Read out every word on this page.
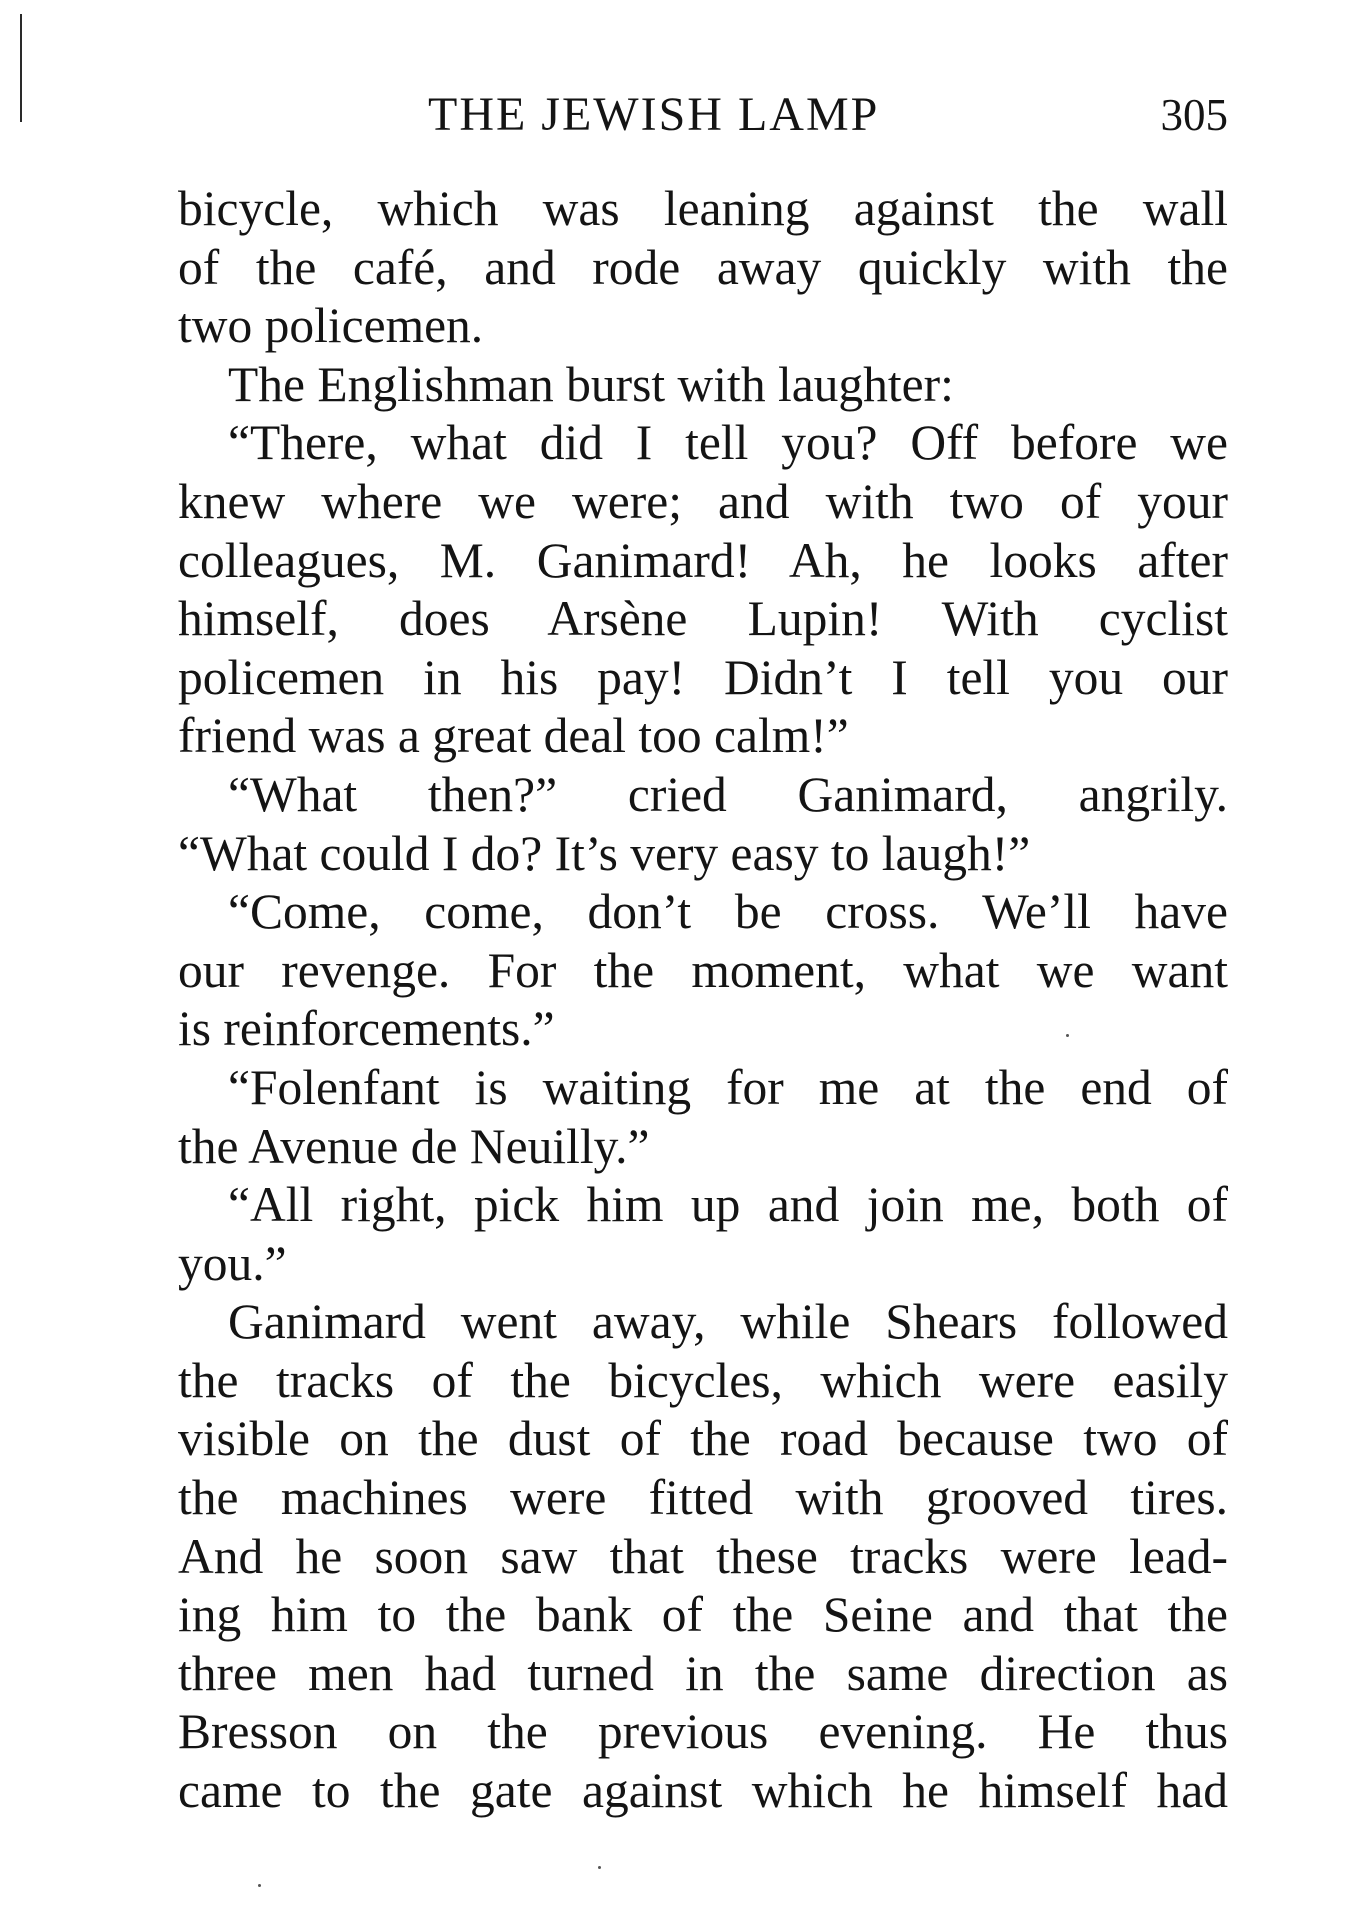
THE JEWISH LAMP	305
bicycle, which was leaning against the wall
of the café, and rode away quickly with the
two policemen.
The Englishman burst with laughter:
“There, what did I tell you? Off before we
knew where we were; and with two of your
colleagues, M. Ganimard! Ah, he looks after
himself, does Arsène Lupin! With cyclist
policemen in his pay! Didn’t I tell you our
friend was a great deal too calm!”
“What then?” cried Ganimard, angrily.
“What could I do? It’s very easy to laugh!”
“Come, come, don’t be cross. We’ll have
our revenge. For the moment, what we want
is reinforcements.”
“Folenfant is waiting for me at the end of
the Avenue de Neuilly.”
“All right, pick him up and join me, both of
you.”
Ganimard went away, while Shears followed
the tracks of the bicycles, which were easily
visible on the dust of the road because two of
the machines were fitted with grooved tires.
And he soon saw that these tracks were lead-
ing him to the bank of the Seine and that the
three men had turned in the same direction as
Bresson on the previous evening. He thus
came to the gate against which he himself had
